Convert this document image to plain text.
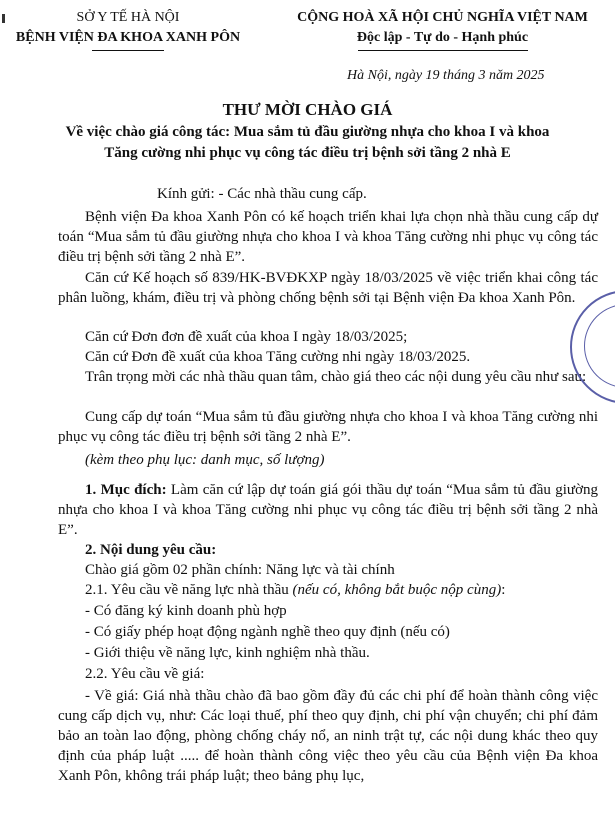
SỞ Y TẾ HÀ NỘI
BỆNH VIỆN ĐA KHOA XANH PÔN
CỘNG HOÀ XÃ HỘI CHỦ NGHĨA VIỆT NAM
Độc lập - Tự do - Hạnh phúc
Hà Nội, ngày 19 tháng 3 năm 2025
THƯ MỜI CHÀO GIÁ
Về việc chào giá công tác: Mua sắm tủ đầu giường nhựa cho khoa I và khoa
Tăng cường nhi phục vụ công tác điều trị bệnh sởi tầng 2 nhà E
Kính gửi: - Các nhà thầu cung cấp.
Bệnh viện Đa khoa Xanh Pôn có kế hoạch triển khai lựa chọn nhà thầu cung cấp dự toán “Mua sắm tủ đầu giường nhựa cho khoa I và khoa Tăng cường nhi phục vụ công tác điều trị bệnh sởi tầng 2 nhà E”.
Căn cứ Kế hoạch số 839/HK-BVĐKXP ngày 18/03/2025 về việc triển khai công tác phân luồng, khám, điều trị và phòng chống bệnh sởi tại Bệnh viện Đa khoa Xanh Pôn.
Căn cứ Đơn đơn đề xuất của khoa I ngày 18/03/2025;
Căn cứ Đơn đề xuất của khoa Tăng cường nhi ngày 18/03/2025.
Trân trọng mời các nhà thầu quan tâm, chào giá theo các nội dung yêu cầu như sau:
Cung cấp dự toán “Mua sắm tủ đầu giường nhựa cho khoa I và khoa Tăng cường nhi phục vụ công tác điều trị bệnh sởi tầng 2 nhà E”.
(kèm theo phụ lục: danh mục, số lượng)
1. Mục đích: Làm căn cứ lập dự toán giá gói thầu dự toán “Mua sắm tủ đầu giường nhựa cho khoa I và khoa Tăng cường nhi phục vụ công tác điều trị bệnh sởi tầng 2 nhà E”.
2. Nội dung yêu cầu:
Chào giá gồm 02 phần chính: Năng lực và tài chính
2.1. Yêu cầu về năng lực nhà thầu (nếu có, không bắt buộc nộp cùng):
- Có đăng ký kinh doanh phù hợp
- Có giấy phép hoạt động ngành nghề theo quy định (nếu có)
- Giới thiệu về năng lực, kinh nghiệm nhà thầu.
2.2. Yêu cầu về giá:
- Về giá: Giá nhà thầu chào đã bao gồm đầy đủ các chi phí để hoàn thành công việc cung cấp dịch vụ, như: Các loại thuế, phí theo quy định, chi phí vận chuyển; chi phí đảm bảo an toàn lao động, phòng chống cháy nổ, an ninh trật tự, các nội dung khác theo quy định của pháp luật ..... để hoàn thành công việc theo yêu cầu của Bệnh viện Đa khoa Xanh Pôn, không trái pháp luật; theo bảng phụ lục,
